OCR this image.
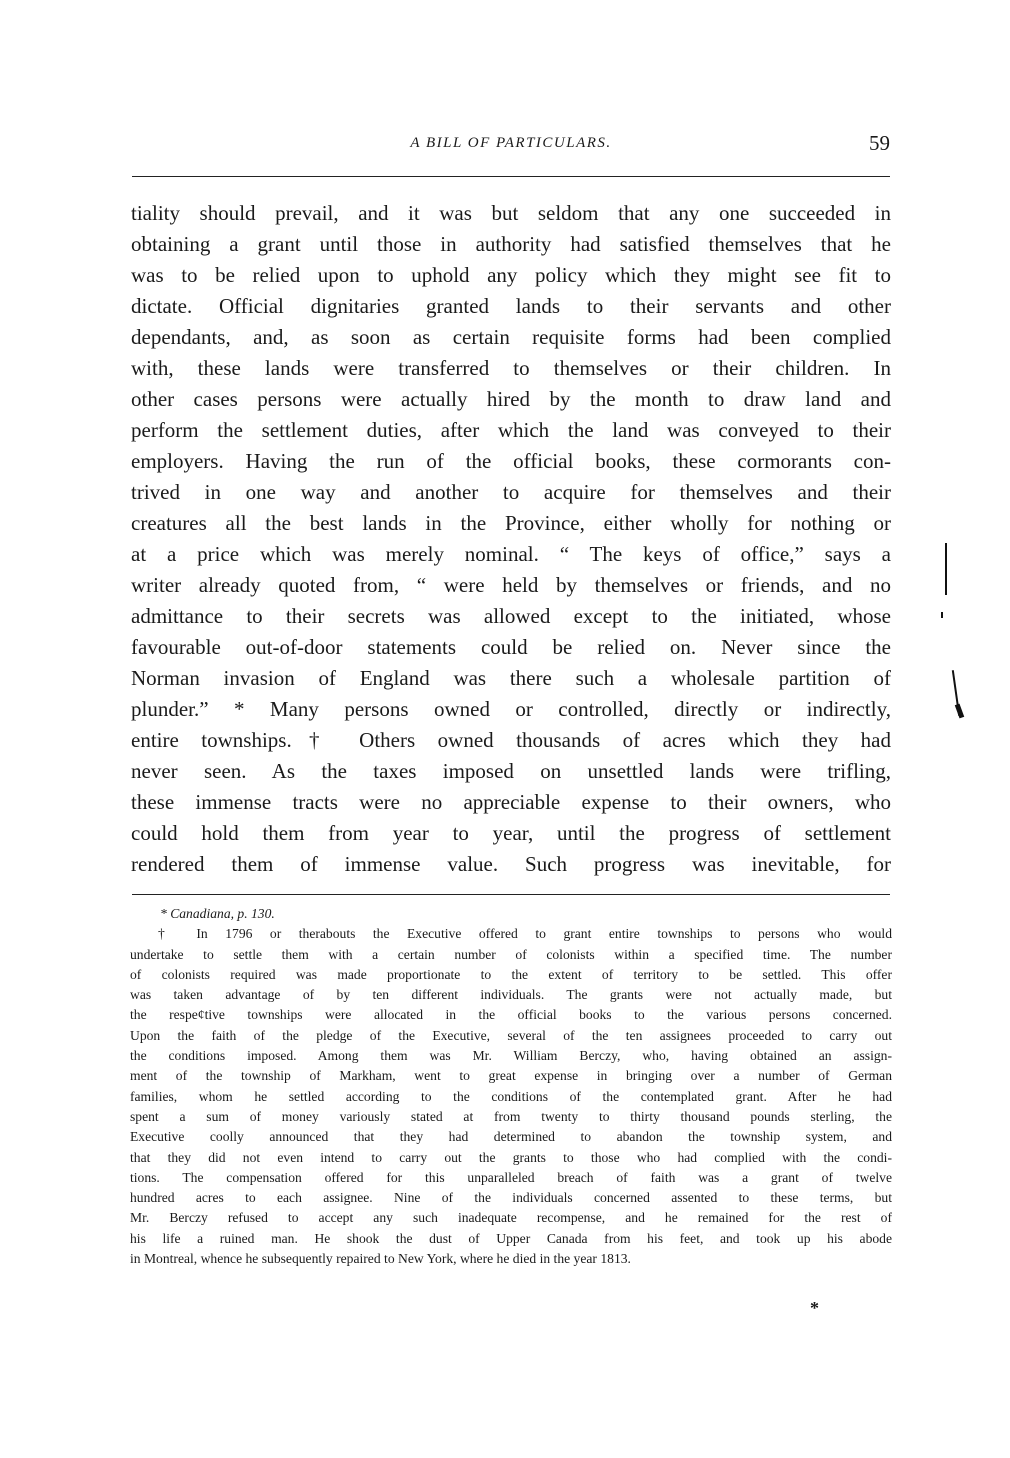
A BILL OF PARTICULARS.	59
tiality should prevail, and it was but seldom that any one succeeded in
obtaining a grant until those in authority had satisfied themselves that he
was to be relied upon to uphold any policy which they might see fit to
dictate. Official dignitaries granted lands to their servants and other
dependants, and, as soon as certain requisite forms had been complied
with, these lands were transferred to themselves or their children. In
other cases persons were actually hired by the month to draw land and
perform the settlement duties, after which the land was conveyed to their
employers. Having the run of the official books, these cormorants con-
trived in one way and another to acquire for themselves and their
creatures all the best lands in the Province, either wholly for nothing or
at a price which was merely nominal. “ The keys of office,” says a
writer already quoted from, “ were held by themselves or friends, and no
admittancе to their secrets was allowed except to the initiated, whose
favourable out-of-door statements could be relied on. Never since the
Norman invasion of England was there such a wholesale partition of
plunder.” * Many persons owned or controlled, directly or indirectly,
entire townships.† Others owned thousands of acres which they had
never seen. As the taxes imposed on unsettled lands were trifling,
these immense tracts were no appreciable expense to their owners, who
could hold them from year to year, until the progress of settlement
rendered them of immense value. Such progress was inevitable, for
* Canadiana, p. 130.
† In 1796 or therabouts the Executive offered to grant entire townships to persons who would
undertake to settle them with a certain number of colonists within a specified time. The number
of colonists required was made proportionate to the extent of territory to be settled. This offer
was taken advantage of by ten different individuals. The grants were not actually made, but
the respe¢tive townships were allocated in the official books to the various persons concerned.
Upon the faith of the pledge of the Executive, several of the ten assignees proceeded to carry out
the conditions imposed. Among them was Mr. William Berczy, who, having obtained an assign-
ment of the township of Markham, went to great expense in bringing over a number of German
families, whom he settled according to the conditions of the contemplated grant. After he had
spent a sum of money variously stated at from twenty to thirty thousand pounds sterling, the
Executive coolly announced that they had determined to abandon the township system, and
that they did not even intend to carry out the grants to those who had complied with the condi-
tions. The compensation offered for this unparalleled breach of faith was a grant of twelve
hundred acres to each assignee. Nine of the individuals concerned assented to these terms, but
Mr. Berczy refused to accept any such inadequate recompense, and he remained for the rest of
his life a ruined man. He shook the dust of Upper Canada from his feet, and took up his abode
in Montreal, whence he subsequently repaired to New York, where he died in the year 1813.
*
